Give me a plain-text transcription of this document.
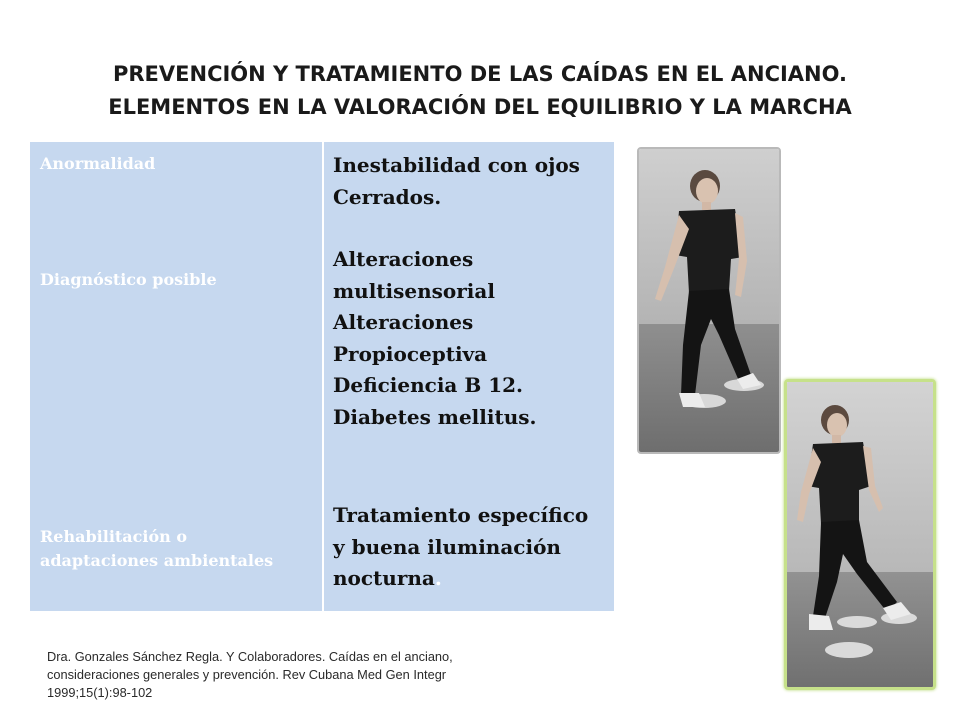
PREVENCIÓN Y TRATAMIENTO DE LAS CAÍDAS EN EL ANCIANO.
ELEMENTOS EN LA VALORACIÓN DEL EQUILIBRIO Y LA MARCHA
Anormalidad
Diagnóstico posible
Rehabilitación o
adaptaciones ambientales

Inestabilidad con ojos

Cerrados.

Alteraciones

multisensorial

Alteraciones

Propioceptiva

Deficiencia B 12.

Diabetes mellitus.

Tratamiento específico

y buena iluminación

nocturna.

Dra. Gonzales Sánchez Regla. Y Colaboradores. Caídas en el anciano,
consideraciones generales y prevención. Rev Cubana Med Gen Integr
1999;15(1):98-102
